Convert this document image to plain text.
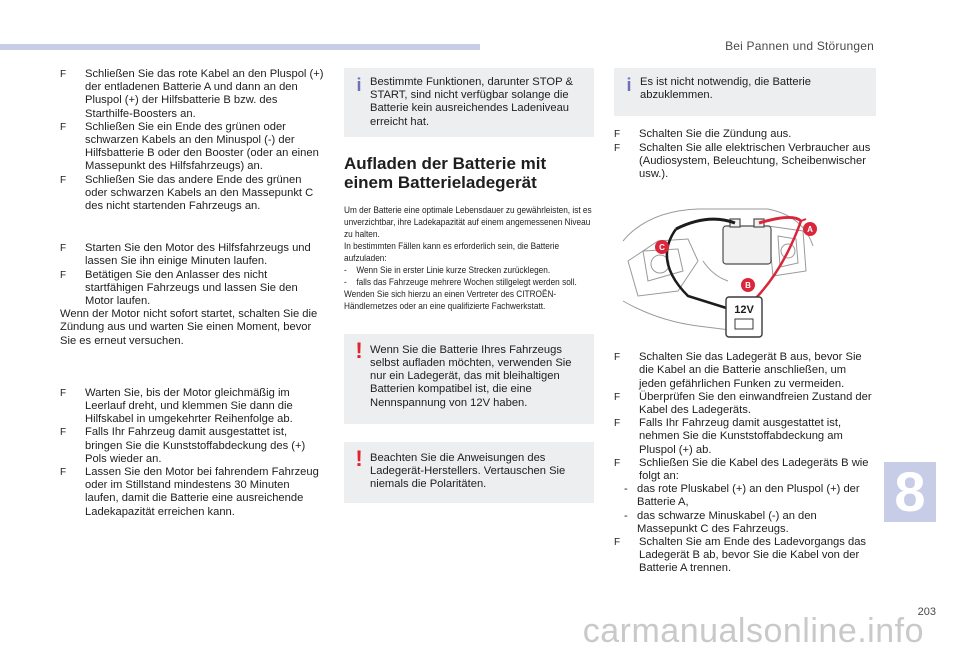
Bei Pannen und Störungen

F Schließen Sie das rote Kabel an den Pluspol (+) der entladenen Batterie A und dann an den Pluspol (+) der Hilfsbatterie B bzw. des Starthilfe-Boosters an.

F Schließen Sie ein Ende des grünen oder schwarzen Kabels an den Minuspol (-) der Hilfsbatterie B oder den Booster (oder an einen Massepunkt des Hilfsfahrzeugs) an.

F Schließen Sie das andere Ende des grünen oder schwarzen Kabels an den Massepunkt C des nicht startenden Fahrzeugs an.

F Starten Sie den Motor des Hilfsfahrzeugs und lassen Sie ihn einige Minuten laufen.

F Betätigen Sie den Anlasser des nicht startfähigen Fahrzeugs und lassen Sie den Motor laufen.

Wenn der Motor nicht sofort startet, schalten Sie die Zündung aus und warten Sie einen Moment, bevor Sie es erneut versuchen.

F Warten Sie, bis der Motor gleichmäßig im Leerlauf dreht, und klemmen Sie dann die Hilfskabel in umgekehrter Reihenfolge ab.

F Falls Ihr Fahrzeug damit ausgestattet ist, bringen Sie die Kunststoffabdeckung des (+) Pols wieder an.

F Lassen Sie den Motor bei fahrendem Fahrzeug oder im Stillstand mindestens 30 Minuten laufen, damit die Batterie eine ausreichende Ladekapazität erreichen kann.

i Bestimmte Funktionen, darunter STOP & START, sind nicht verfügbar solange die Batterie kein ausreichendes Ladeniveau erreicht hat.
Aufladen der Batterie mit einem Batterieladegerät

Um der Batterie eine optimale Lebensdauer zu gewährleisten, ist es unverzichtbar, ihre Ladekapazität auf einem angemessenen Niveau zu halten.

In bestimmten Fällen kann es erforderlich sein, die Batterie aufzuladen:

- Wenn Sie in erster Linie kurze Strecken zurücklegen.

- falls das Fahrzeuge mehrere Wochen stillgelegt werden soll.

Wenden Sie sich hierzu an einen Vertreter des CITROËN-Händlernetzes oder an eine qualifizierte Fachwerkstatt.

! Wenn Sie die Batterie Ihres Fahrzeugs selbst aufladen möchten, verwenden Sie nur ein Ladegerät, das mit bleihaltigen Batterien kompatibel ist, die eine Nennspannung von 12V haben.
! Beachten Sie die Anweisungen des Ladegerät-Herstellers. Vertauschen Sie niemals die Polaritäten.
i Es ist nicht notwendig, die Batterie abzuklemmen.

F Schalten Sie die Zündung aus.

F Schalten Sie alle elektrischen Verbraucher aus (Audiosystem, Beleuchtung, Scheibenwischer usw.).

12V
A
B
C

F Schalten Sie das Ladegerät B aus, bevor Sie die Kabel an die Batterie anschließen, um jeden gefährlichen Funken zu vermeiden.

F Überprüfen Sie den einwandfreien Zustand der Kabel des Ladegeräts.

F Falls Ihr Fahrzeug damit ausgestattet ist, nehmen Sie die Kunststoffabdeckung am Pluspol (+) ab.

F Schließen Sie die Kabel des Ladegeräts B wie folgt an:

- das rote Pluskabel (+) an den Pluspol (+) der Batterie A,

- das schwarze Minuskabel (-) an den Massepunkt C des Fahrzeugs.

F Schalten Sie am Ende des Ladevorgangs das Ladegerät B ab, bevor Sie die Kabel von der Batterie A trennen.

8
203
carmanualsonline.info
